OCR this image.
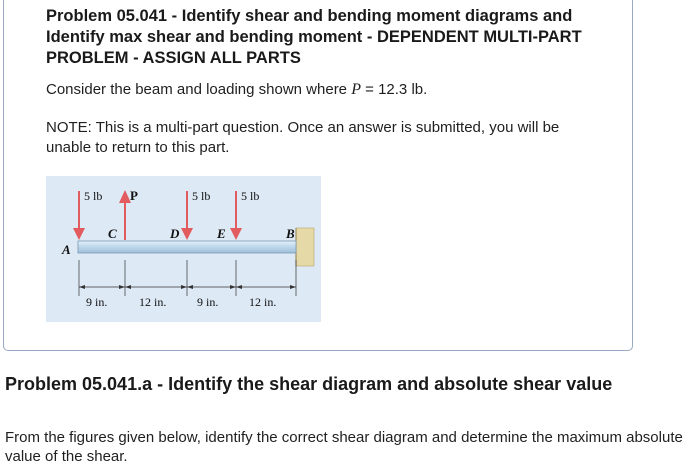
Problem 05.041 - Identify shear and bending moment diagrams and Identify max shear and bending moment - DEPENDENT MULTI-PART PROBLEM - ASSIGN ALL PARTS

Consider the beam and loading shown where P = 12.3 lb.

NOTE: This is a multi-part question. Once an answer is submitted, you will be unable to return to this part.

5 lb P	5 lb	5 lb
A
C	D	E	B
9 in.	12 in.	9 in.	12 in.
Problem 05.041.a - Identify the shear diagram and absolute shear value

From the figures given below, identify the correct shear diagram and determine the maximum absolute value of the shear.
